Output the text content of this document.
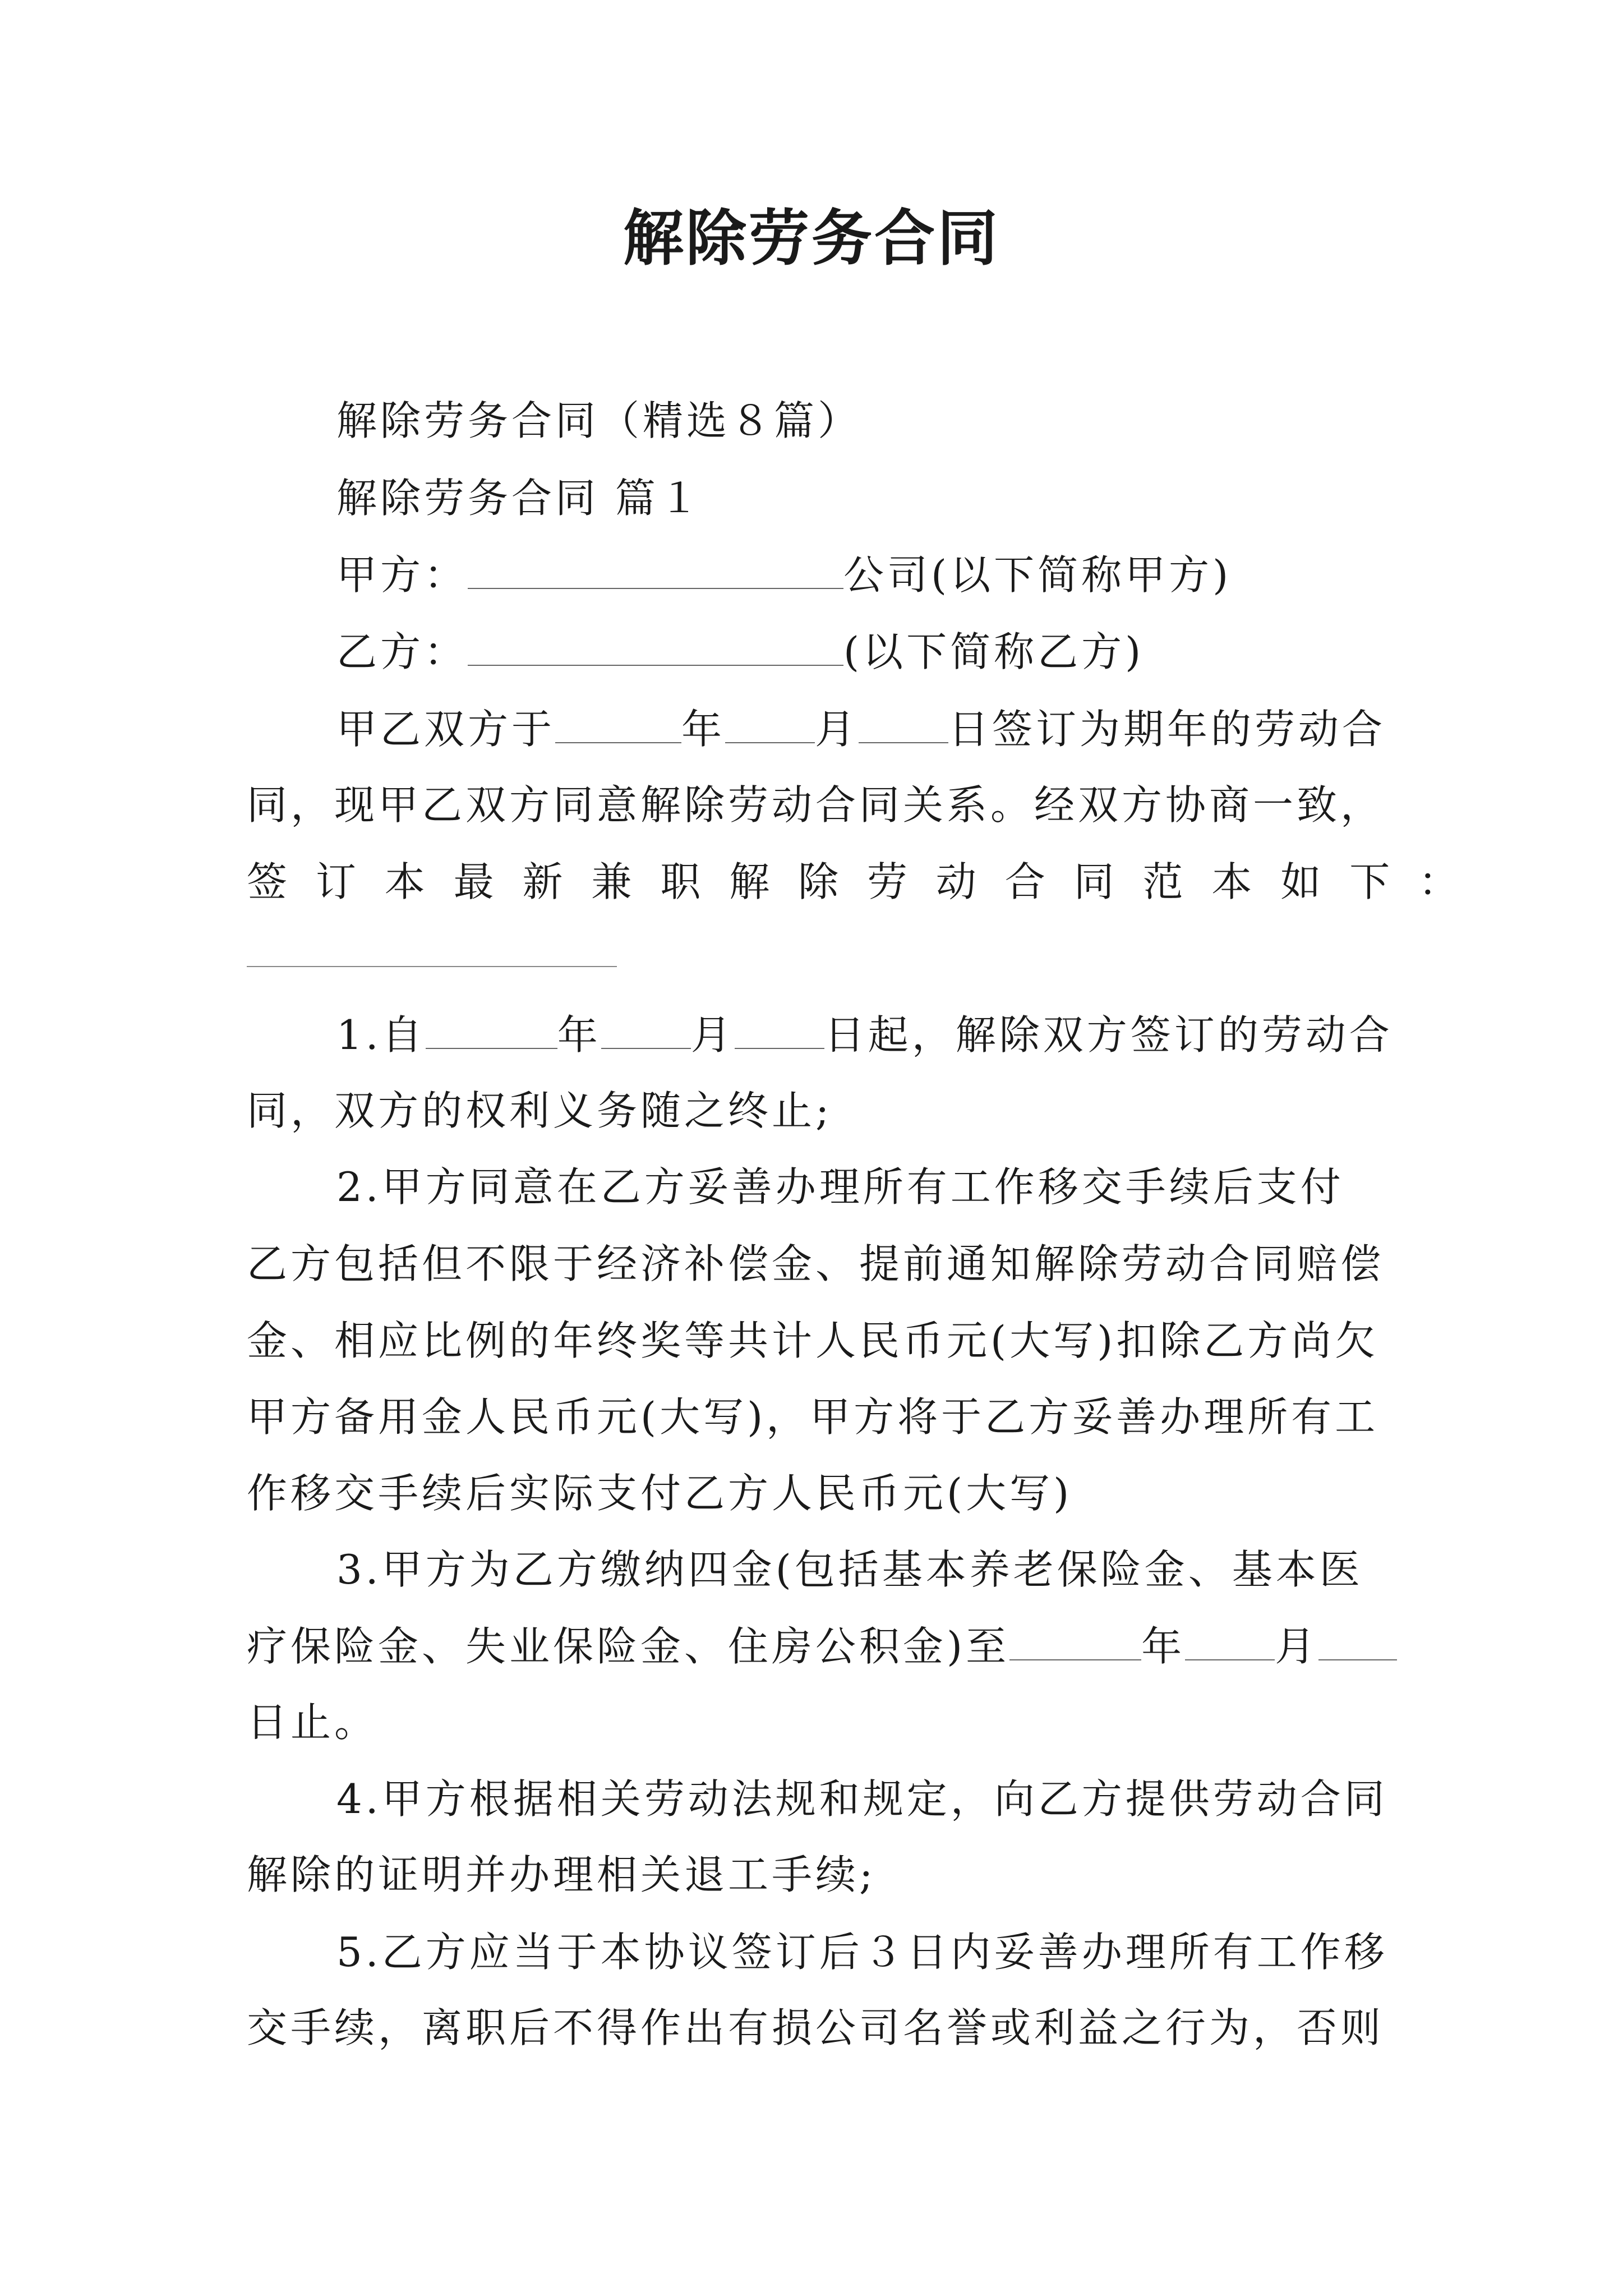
解除劳务合同
解除劳务合同（精选８篇）
解除劳务合同 篇１
甲方：	公司(以下简称甲方)
乙方：	(以下简称乙方)
甲乙双方于	年 月 日签订为期年的劳动合
同，现甲乙双方同意解除劳动合同关系。经双方协商一致，
签 订 本 最 新 兼 职 解 除 劳 动 合 同 范 本 如 下 ：
1.自	年 月 日起，解除双方签订的劳动合
同，双方的权利义务随之终止;
2.甲方同意在乙方妥善办理所有工作移交手续后支付
乙方包括但不限于经济补偿金、提前通知解除劳动合同赔偿
金、相应比例的年终奖等共计人民币元(大写)扣除乙方尚欠
甲方备用金人民币元(大写)，甲方将于乙方妥善办理所有工
作移交手续后实际支付乙方人民币元(大写)
3.甲方为乙方缴纳四金(包括基本养老保险金、基本医
疗保险金、失业保险金、住房公积金)至	年 月
日止。
4.甲方根据相关劳动法规和规定，向乙方提供劳动合同
解除的证明并办理相关退工手续;
5.乙方应当于本协议签订后３日内妥善办理所有工作移
交手续，离职后不得作出有损公司名誉或利益之行为，否则
